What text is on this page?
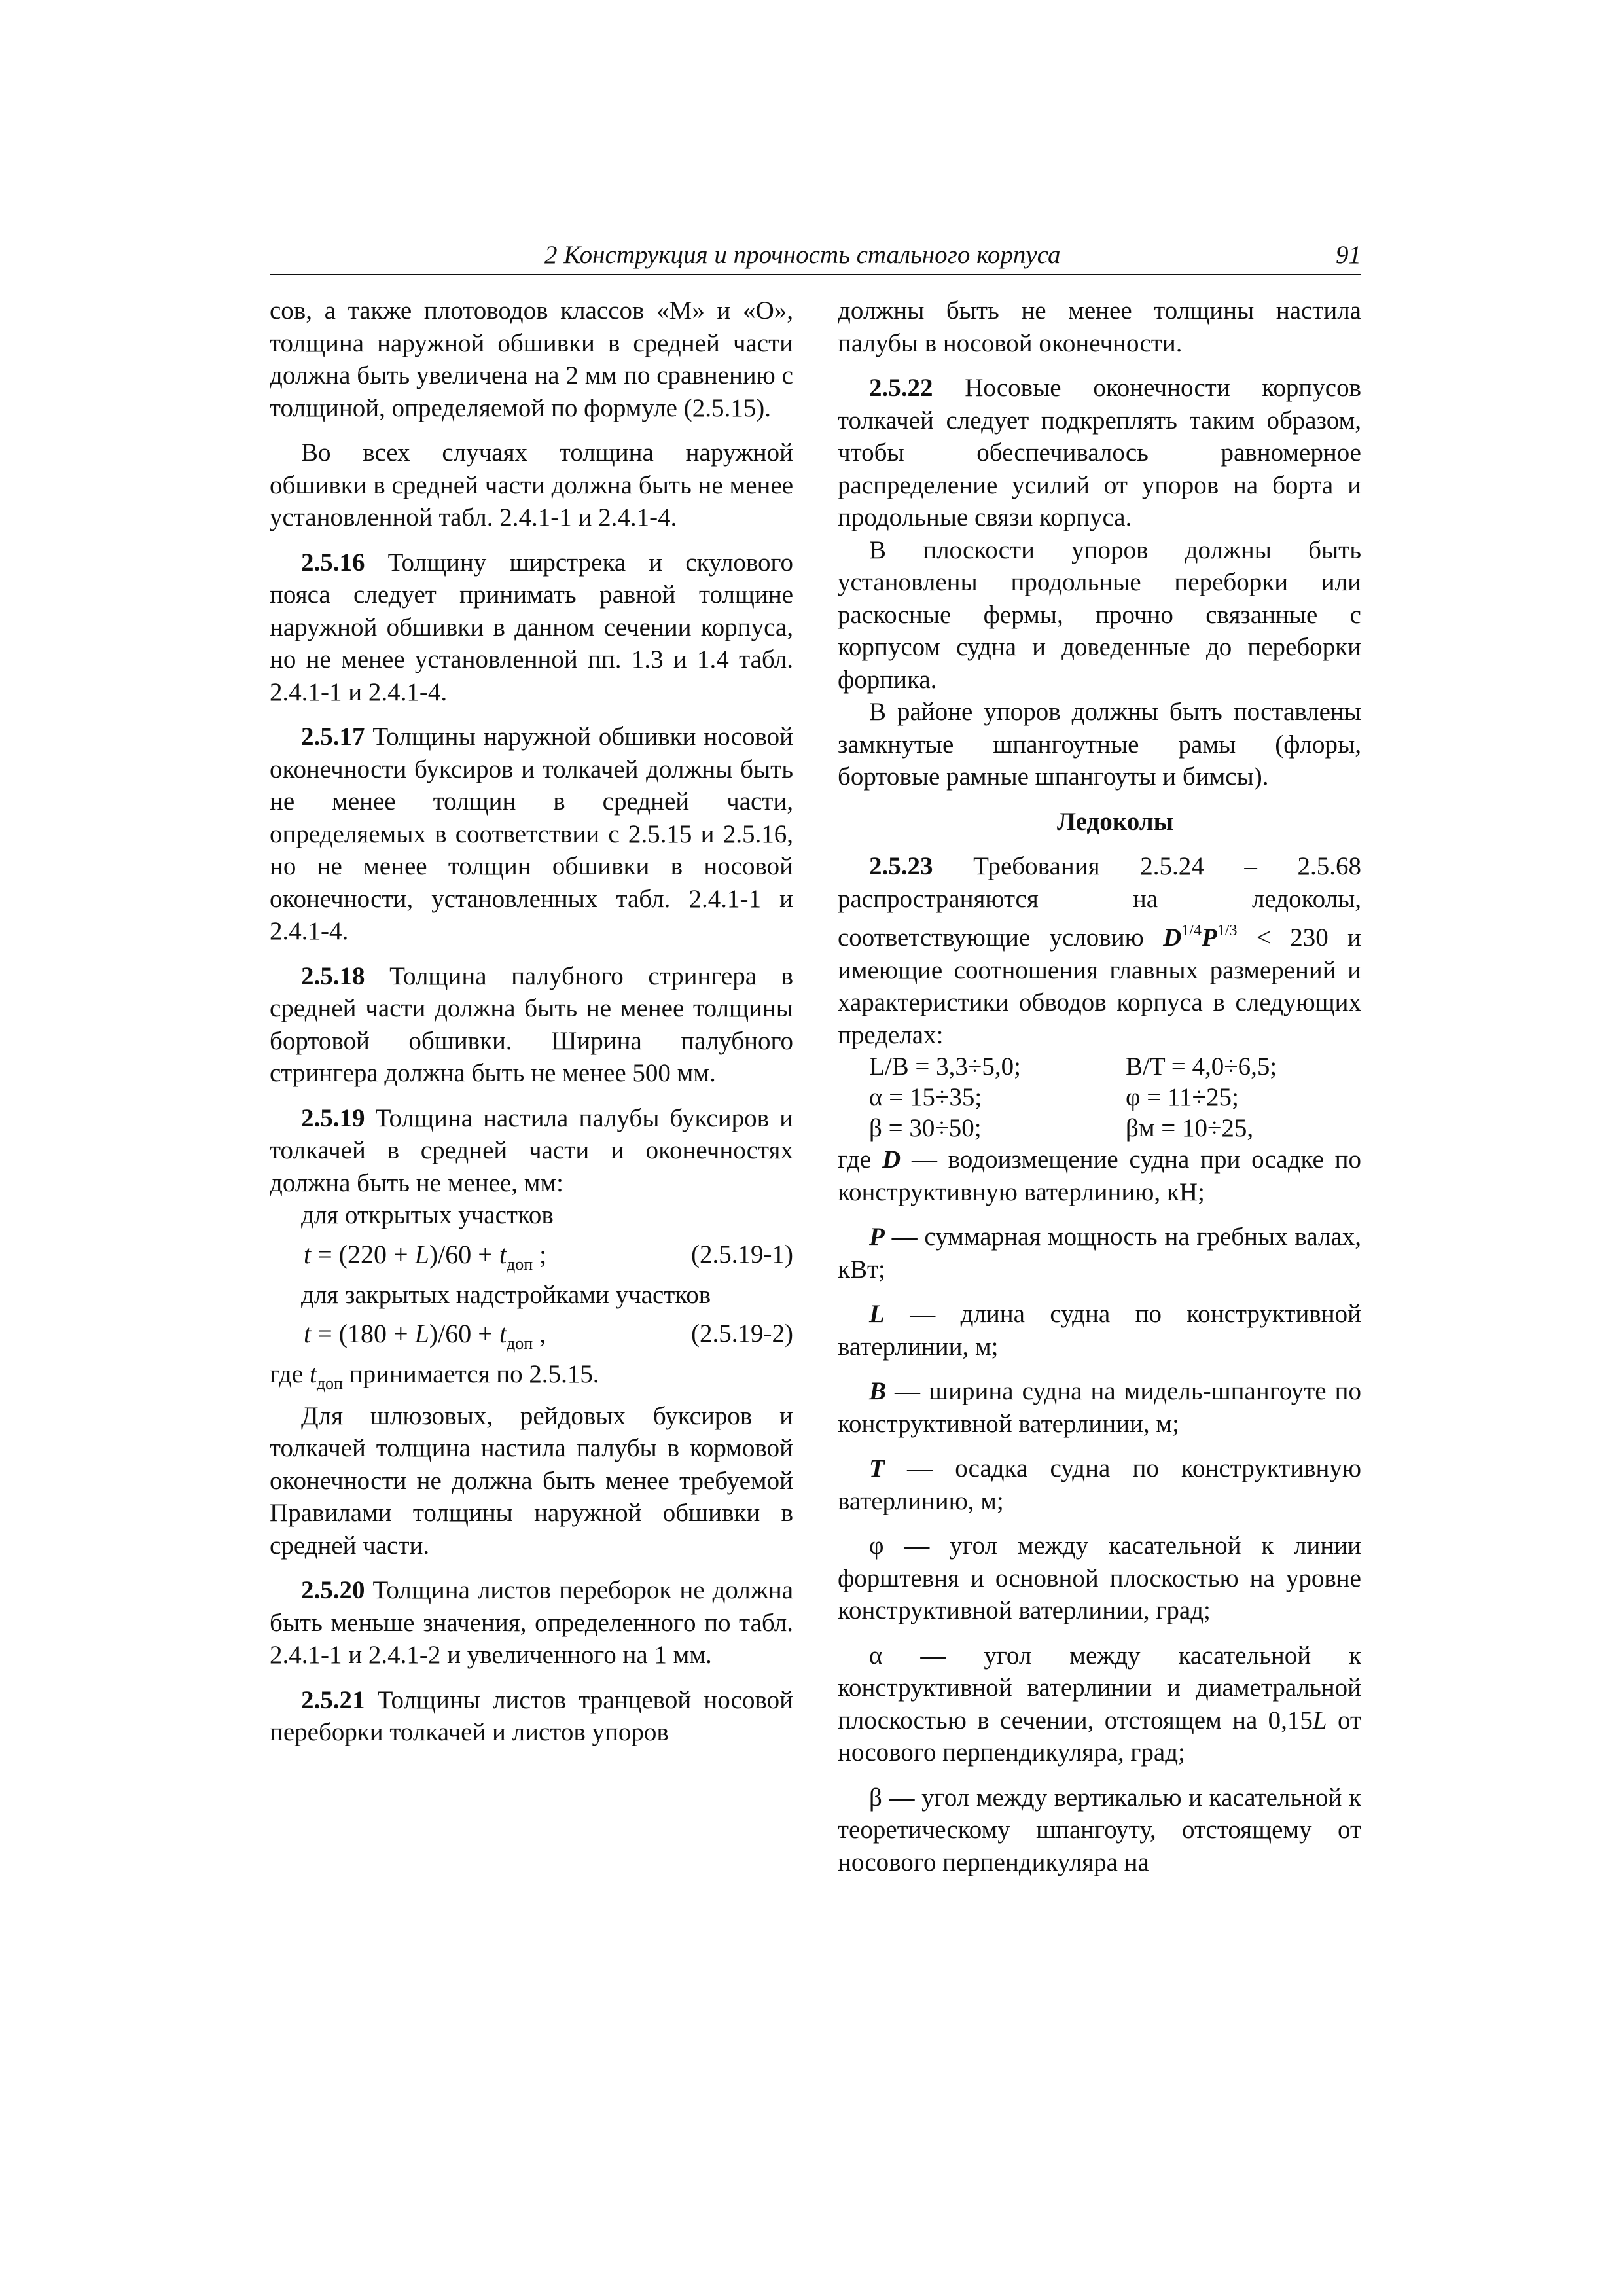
2 Конструкция и прочность стального корпуса	91

сов, а также плотоводов классов «М» и «О», толщина наружной обшивки в средней части должна быть увеличена на 2 мм по сравнению с толщиной, определяемой по формуле (2.5.15).

Во всех случаях толщина наружной обшивки в средней части должна быть не менее установленной табл. 2.4.1-1 и 2.4.1-4.

2.5.16 Толщину ширстрека и скулового пояса следует принимать равной толщине наружной обшивки в данном сечении корпуса, но не менее установленной пп. 1.3 и 1.4 табл. 2.4.1-1 и 2.4.1-4.

2.5.17 Толщины наружной обшивки носовой оконечности буксиров и толкачей должны быть не менее толщин в средней части, определяемых в соответствии с 2.5.15 и 2.5.16, но не менее толщин обшивки в носовой оконечности, установленных табл. 2.4.1-1 и 2.4.1-4.

2.5.18 Толщина палубного стрингера в средней части должна быть не менее толщины бортовой обшивки. Ширина палубного стрингера должна быть не менее 500 мм.

2.5.19 Толщина настила палубы буксиров и толкачей в средней части и оконечностях должна быть не менее, мм:

для открытых участков

$t = (220 + L)/60 + t_{доп}$ ;	(2.5.19-1)

для закрытых надстройками участков

$t = (180 + L)/60 + t_{доп}$ ,	(2.5.19-2)

где $t_{доп}$ принимается по 2.5.15.

Для шлюзовых, рейдовых буксиров и толкачей толщина настила палубы в кормовой оконечности не должна быть менее требуемой Правилами толщины наружной обшивки в средней части.

2.5.20 Толщина листов переборок не должна быть меньше значения, определенного по табл. 2.4.1-1 и 2.4.1-2 и увеличенного на 1 мм.

2.5.21 Толщины листов транцевой носовой переборки толкачей и листов упоров

должны быть не менее толщины настила палубы в носовой оконечности.

2.5.22 Носовые оконечности корпусов толкачей следует подкреплять таким образом, чтобы обеспечивалось равномерное распределение усилий от упоров на борта и продольные связи корпуса.

В плоскости упоров должны быть установлены продольные переборки или раскосные фермы, прочно связанные с корпусом судна и доведенные до переборки форпика.

В районе упоров должны быть поставлены замкнутые шпангоутные рамы (флоры, бортовые рамные шпангоуты и бимсы).

Ледоколы

2.5.23 Требования 2.5.24 – 2.5.68 распространяются на ледоколы, соответствующие условию $D^{1/4}P^{1/3} < 230$ и имеющие соотношения главных размерений и характеристики обводов корпуса в следующих пределах:

L/B = 3,3÷5,0;	B/T = 4,0÷6,5;
α = 15÷35;	φ = 11÷25;
β = 30÷50;	βм = 10÷25,

где D — водоизмещение судна при осадке по конструктивную ватерлинию, кН;

P — суммарная мощность на гребных валах, кВт;

L — длина судна по конструктивной ватерлинии, м;

B — ширина судна на мидель-шпангоуте по конструктивной ватерлинии, м;

T — осадка судна по конструктивную ватерлинию, м;

φ — угол между касательной к линии форштевня и основной плоскостью на уровне конструктивной ватерлинии, град;

α — угол между касательной к конструктивной ватерлинии и диаметральной плоскостью в сечении, отстоящем на 0,15L от носового перпендикуляра, град;

β — угол между вертикалью и касательной к теоретическому шпангоуту, отстоящему от носового перпендикуляра на
